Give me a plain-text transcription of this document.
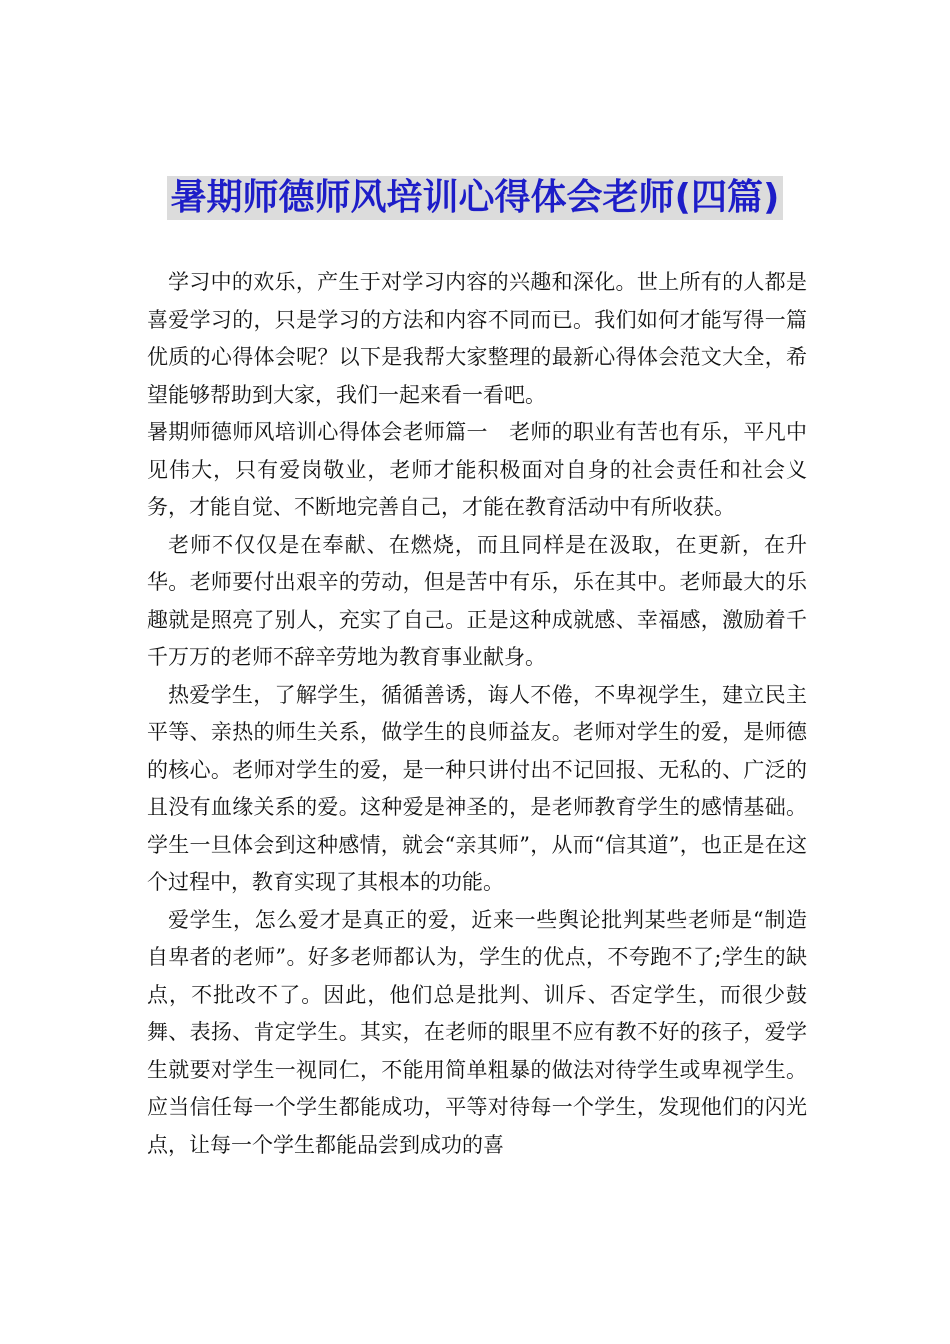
暑期师德师风培训心得体会老师(四篇)

学习中的欢乐，产生于对学习内容的兴趣和深化。世上所有的人都是喜爱学习的，只是学习的方法和内容不同而已。我们如何才能写得一篇优质的心得体会呢？以下是我帮大家整理的最新心得体会范文大全，希望能够帮助到大家，我们一起来看一看吧。

暑期师德师风培训心得体会老师篇一　老师的职业有苦也有乐，平凡中见伟大，只有爱岗敬业，老师才能积极面对自身的社会责任和社会义务，才能自觉、不断地完善自己，才能在教育活动中有所收获。

老师不仅仅是在奉献、在燃烧，而且同样是在汲取，在更新，在升华。老师要付出艰辛的劳动，但是苦中有乐，乐在其中。老师最大的乐趣就是照亮了别人，充实了自己。正是这种成就感、幸福感，激励着千千万万的老师不辞辛劳地为教育事业献身。

热爱学生，了解学生，循循善诱，诲人不倦，不卑视学生，建立民主平等、亲热的师生关系，做学生的良师益友。老师对学生的爱，是师德的核心。老师对学生的爱，是一种只讲付出不记回报、无私的、广泛的且没有血缘关系的爱。这种爱是神圣的，是老师教育学生的感情基础。学生一旦体会到这种感情，就会“亲其师”，从而“信其道”，也正是在这个过程中，教育实现了其根本的功能。

爱学生，怎么爱才是真正的爱，近来一些舆论批判某些老师是“制造自卑者的老师”。好多老师都认为，学生的优点，不夸跑不了;学生的缺点，不批改不了。因此，他们总是批判、训斥、否定学生，而很少鼓舞、表扬、肯定学生。其实，在老师的眼里不应有教不好的孩子，爱学生就要对学生一视同仁，不能用简单粗暴的做法对待学生或卑视学生。应当信任每一个学生都能成功，平等对待每一个学生，发现他们的闪光点，让每一个学生都能品尝到成功的喜
